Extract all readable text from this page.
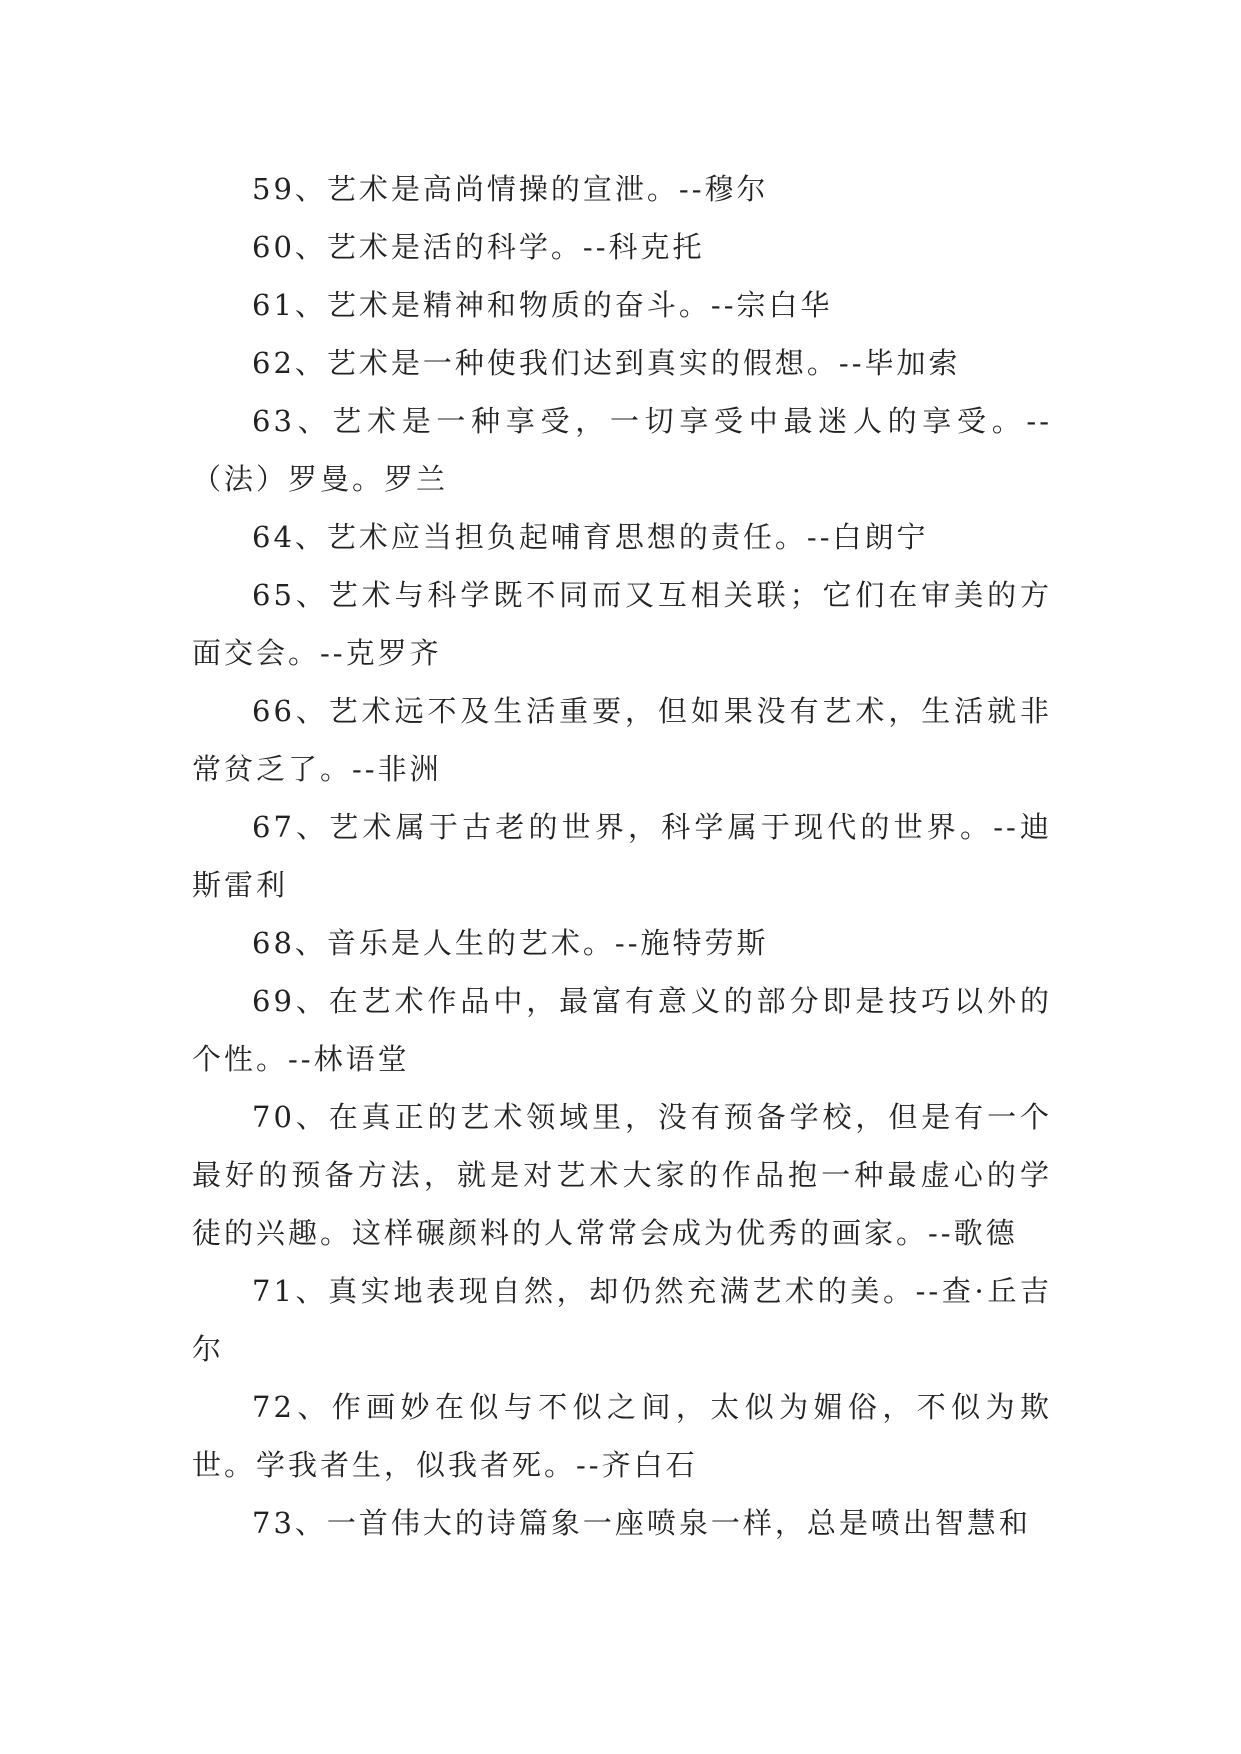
59、艺术是高尚情操的宣泄。--穆尔

60、艺术是活的科学。--科克托

61、艺术是精神和物质的奋斗。--宗白华

62、艺术是一种使我们达到真实的假想。--毕加索

63、艺术是一种享受，一切享受中最迷人的享受。--（法）罗曼。罗兰

64、艺术应当担负起哺育思想的责任。--白朗宁

65、艺术与科学既不同而又互相关联；它们在审美的方面交会。--克罗齐

66、艺术远不及生活重要，但如果没有艺术，生活就非常贫乏了。--非洲

67、艺术属于古老的世界，科学属于现代的世界。--迪斯雷利

68、音乐是人生的艺术。--施特劳斯

69、在艺术作品中，最富有意义的部分即是技巧以外的个性。--林语堂

70、在真正的艺术领域里，没有预备学校，但是有一个最好的预备方法，就是对艺术大家的作品抱一种最虚心的学徒的兴趣。这样碾颜料的人常常会成为优秀的画家。--歌德

71、真实地表现自然，却仍然充满艺术的美。--查·丘吉尔

72、作画妙在似与不似之间，太似为媚俗，不似为欺世。学我者生，似我者死。--齐白石

73、一首伟大的诗篇象一座喷泉一样，总是喷出智慧和
